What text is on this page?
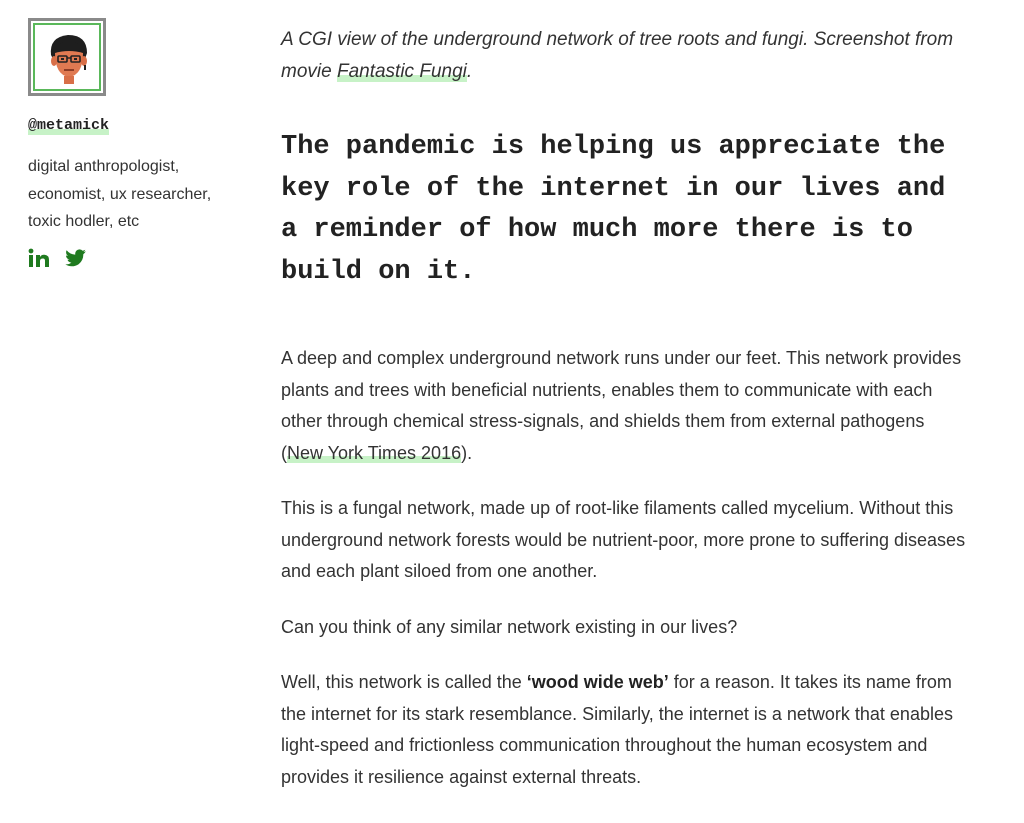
@metamick
digital anthropologist, economist, ux researcher, toxic hodler, etc

A CGI view of the underground network of tree roots and fungi. Screenshot from movie Fantastic Fungi.

The pandemic is helping us appreciate the key role of the internet in our lives and a reminder of how much more there is to build on it.

A deep and complex underground network runs under our feet. This network provides plants and trees with beneficial nutrients, enables them to communicate with each other through chemical stress-signals, and shields them from external pathogens (New York Times 2016).

This is a fungal network, made up of root-like filaments called mycelium. Without this underground network forests would be nutrient-poor, more prone to suffering diseases and each plant siloed from one another.

Can you think of any similar network existing in our lives?

Well, this network is called the ‘wood wide web’ for a reason. It takes its name from the internet for its stark resemblance. Similarly, the internet is a network that enables light-speed and frictionless communication throughout the human ecosystem and provides it resilience against external threats.
